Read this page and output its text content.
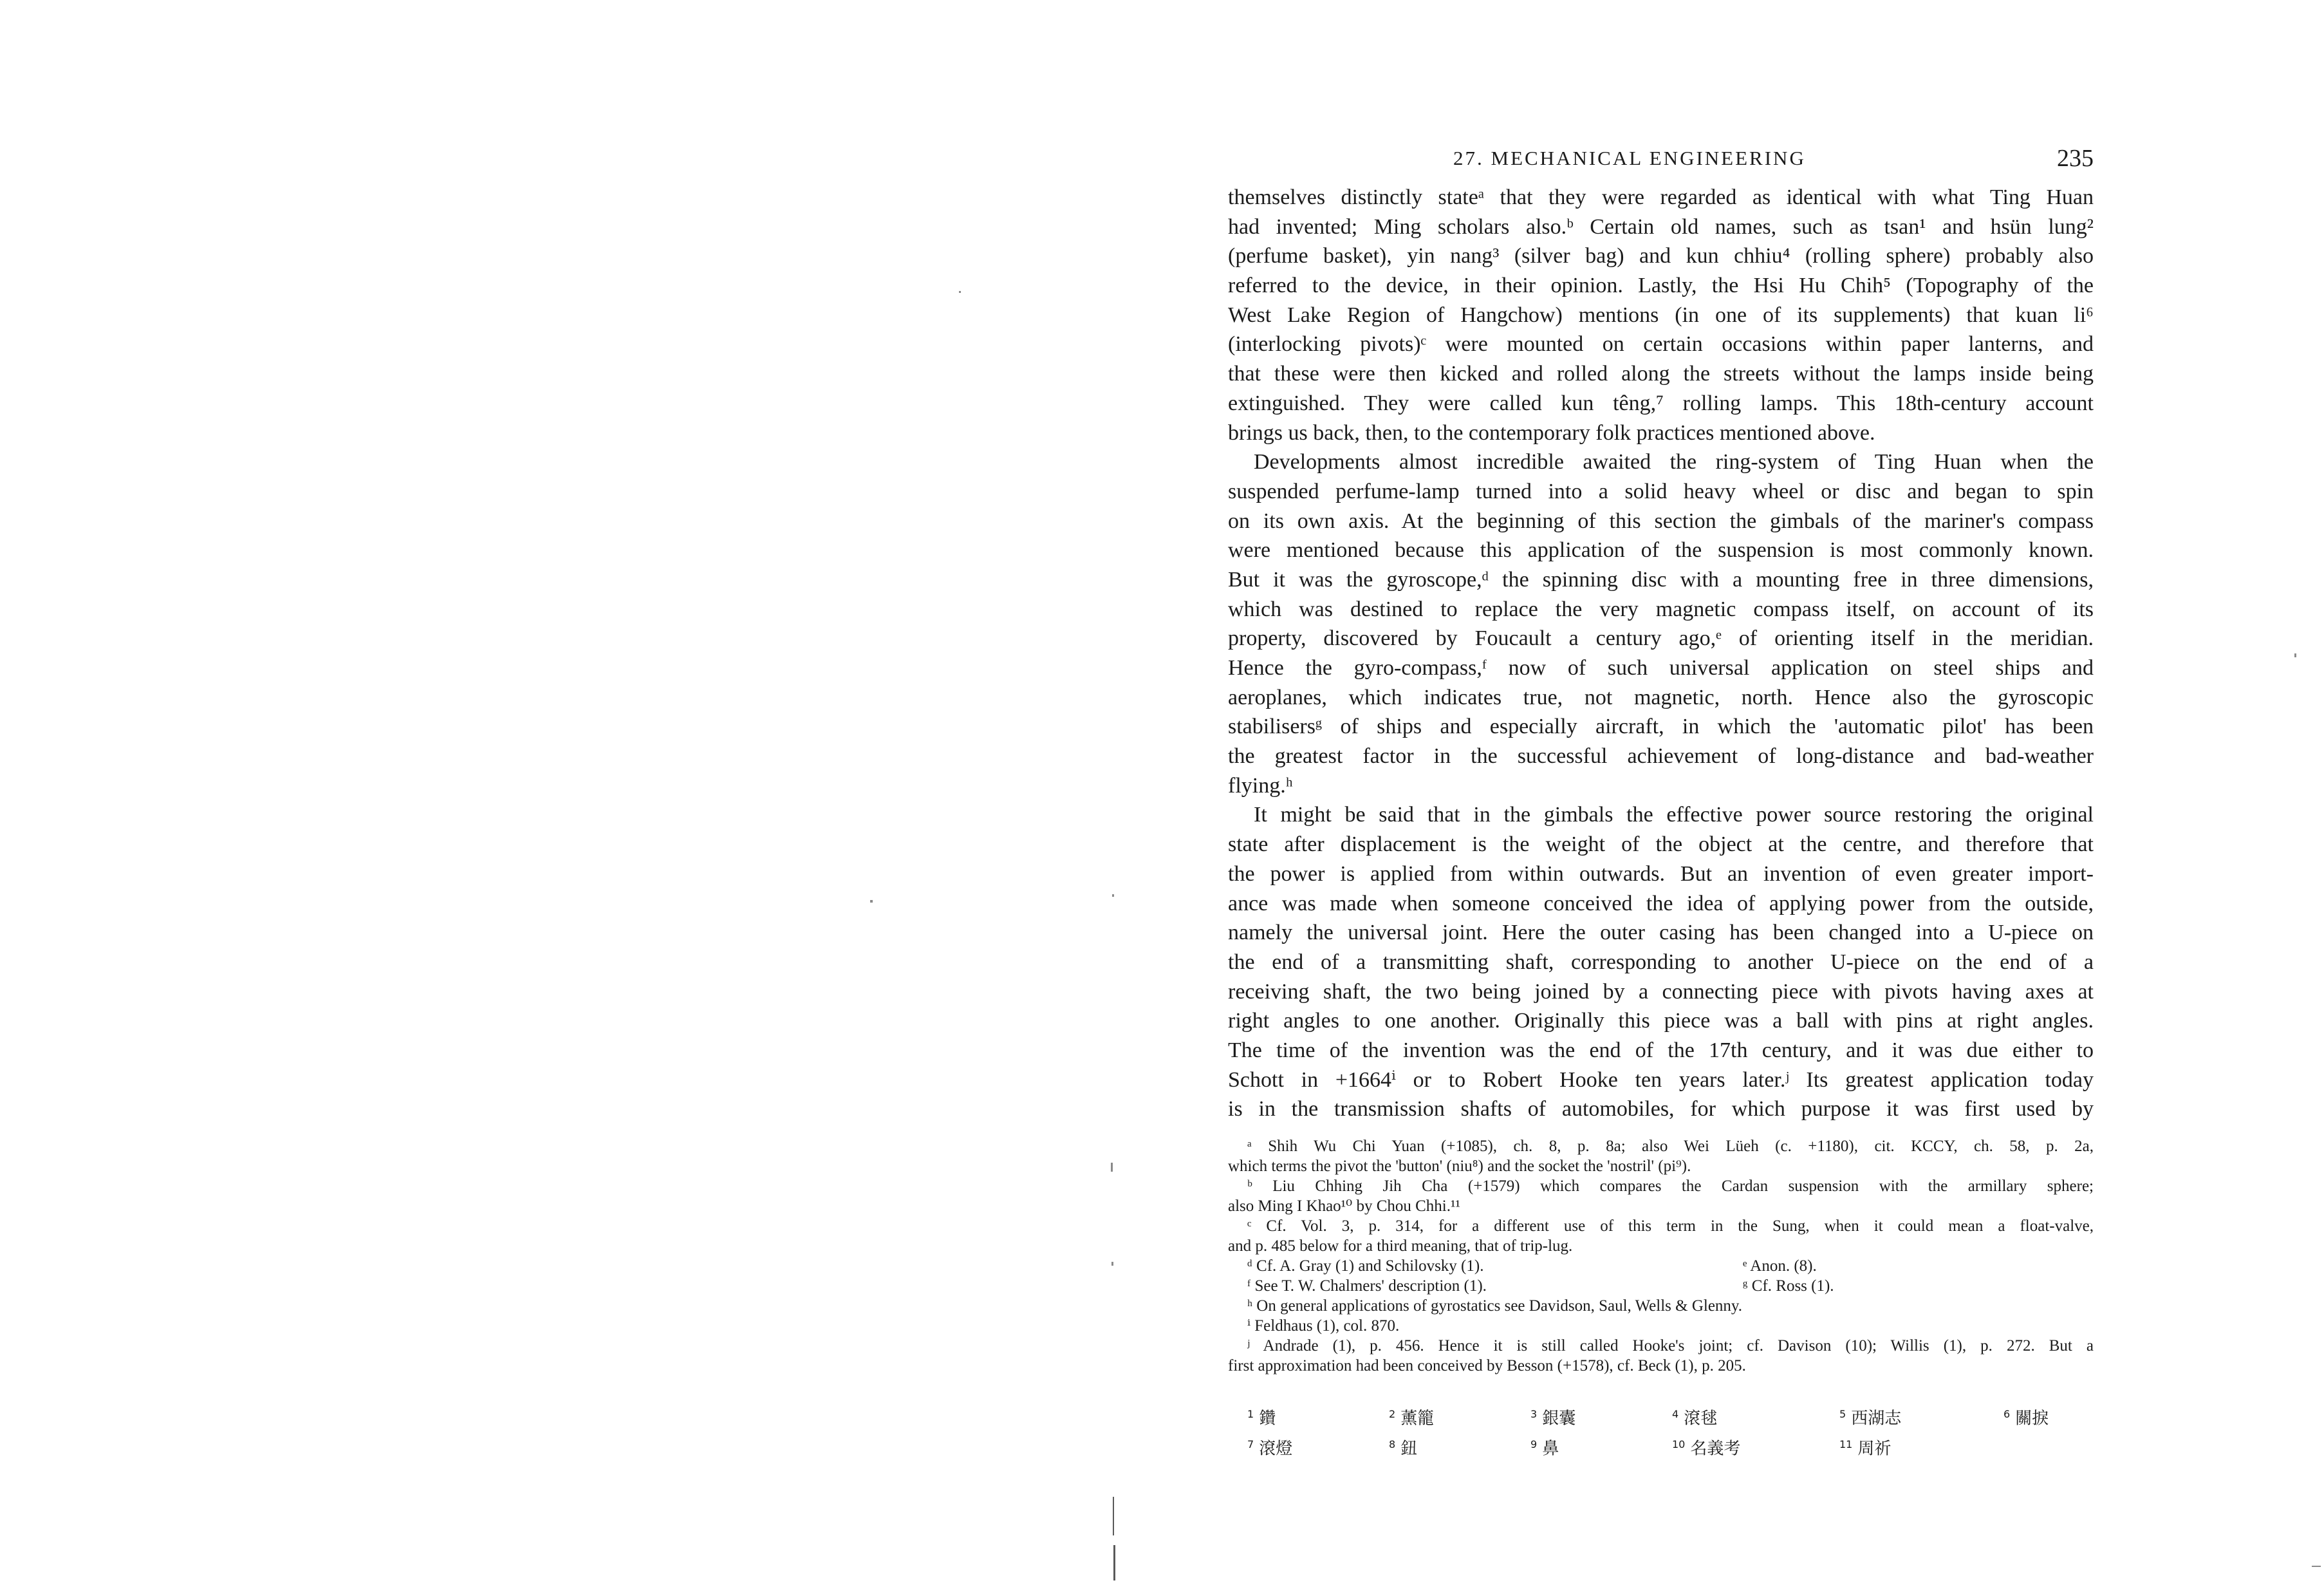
27. MECHANICAL ENGINEERING	235
themselves distinctly stateᵃ that they were regarded as identical with what Ting Huan
had invented; Ming scholars also.ᵇ Certain old names, such as tsan¹ and hsün lung²
(perfume basket), yin nang³ (silver bag) and kun chhiu⁴ (rolling sphere) probably also
referred to the device, in their opinion. Lastly, the Hsi Hu Chih⁵ (Topography of the
West Lake Region of Hangchow) mentions (in one of its supplements) that kuan li⁶
(interlocking pivots)ᶜ were mounted on certain occasions within paper lanterns, and
that these were then kicked and rolled along the streets without the lamps inside being
extinguished. They were called kun têng,⁷ rolling lamps. This 18th-century account
brings us back, then, to the contemporary folk practices mentioned above.
Developments almost incredible awaited the ring-system of Ting Huan when the
suspended perfume-lamp turned into a solid heavy wheel or disc and began to spin
on its own axis. At the beginning of this section the gimbals of the mariner's compass
were mentioned because this application of the suspension is most commonly known.
But it was the gyroscope,ᵈ the spinning disc with a mounting free in three dimensions,
which was destined to replace the very magnetic compass itself, on account of its
property, discovered by Foucault a century ago,ᵉ of orienting itself in the meridian.
Hence the gyro-compass,ᶠ now of such universal application on steel ships and
aeroplanes, which indicates true, not magnetic, north. Hence also the gyroscopic
stabilisersᵍ of ships and especially aircraft, in which the 'automatic pilot' has been
the greatest factor in the successful achievement of long-distance and bad-weather
flying.ʰ
It might be said that in the gimbals the effective power source restoring the original
state after displacement is the weight of the object at the centre, and therefore that
the power is applied from within outwards. But an invention of even greater import-
ance was made when someone conceived the idea of applying power from the outside,
namely the universal joint. Here the outer casing has been changed into a U-piece on
the end of a transmitting shaft, corresponding to another U-piece on the end of a
receiving shaft, the two being joined by a connecting piece with pivots having axes at
right angles to one another. Originally this piece was a ball with pins at right angles.
The time of the invention was the end of the 17th century, and it was due either to
Schott in +1664ⁱ or to Robert Hooke ten years later.ʲ Its greatest application today
is in the transmission shafts of automobiles, for which purpose it was first used by
ᵃ Shih Wu Chi Yuan (+1085), ch. 8, p. 8a; also Wei Lüeh (c. +1180), cit. KCCY, ch. 58, p. 2a,
which terms the pivot the 'button' (niu⁸) and the socket the 'nostril' (pi⁹).
ᵇ Liu Chhing Jih Cha (+1579) which compares the Cardan suspension with the armillary sphere;
also Ming I Khao¹⁰ by Chou Chhi.¹¹
ᶜ Cf. Vol. 3, p. 314, for a different use of this term in the Sung, when it could mean a float-valve,
and p. 485 below for a third meaning, that of trip-lug.
ᵈ Cf. A. Gray (1) and Schilovsky (1).	ᵉ Anon. (8).
ᶠ See T. W. Chalmers' description (1).	ᵍ Cf. Ross (1).
ʰ On general applications of gyrostatics see Davidson, Saul, Wells & Glenny.
ⁱ Feldhaus (1), col. 870.
ʲ Andrade (1), p. 456. Hence it is still called Hooke's joint; cf. Davison (10); Willis (1), p. 272. But a
first approximation had been conceived by Besson (+1578), cf. Beck (1), p. 205.
$^1$ 鑽	$^2$ 薰籠	$^3$ 銀囊	$^4$ 滾毬	$^5$ 西湖志	$^6$ 關捩
$^7$ 滾燈	$^8$ 鈕	$^9$ 鼻	$^{10}$ 名義考	$^{11}$ 周祈
